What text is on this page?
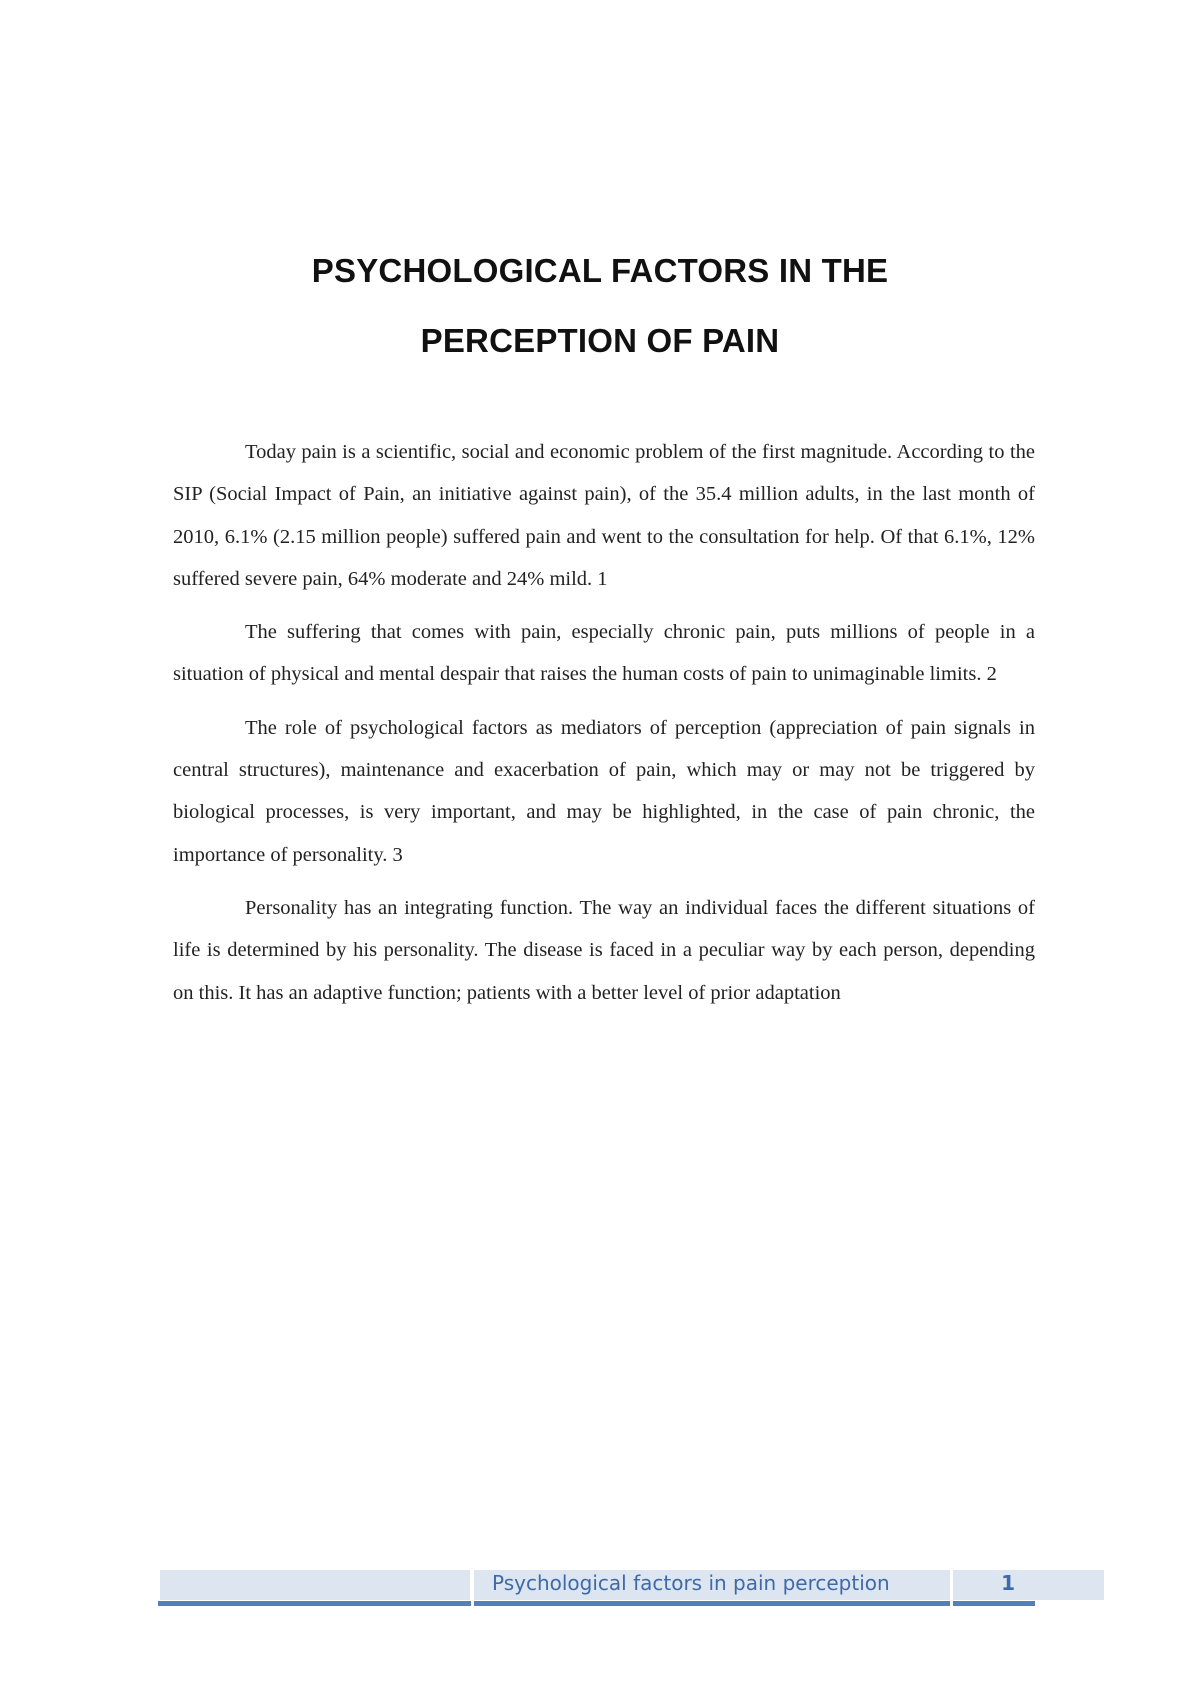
PSYCHOLOGICAL FACTORS IN THE
PERCEPTION OF PAIN

Today pain is a scientific, social and economic problem of the first magnitude. According to the SIP (Social Impact of Pain, an initiative against pain), of the 35.4 million adults, in the last month of 2010, 6.1% (2.15 million people) suffered pain and went to the consultation for help. Of that 6.1%, 12% suffered severe pain, 64% moderate and 24% mild. 1

The suffering that comes with pain, especially chronic pain, puts millions of people in a situation of physical and mental despair that raises the human costs of pain to unimaginable limits. 2

The role of psychological factors as mediators of perception (appreciation of pain signals in central structures), maintenance and exacerbation of pain, which may or may not be triggered by biological processes, is very important, and may be highlighted, in the case of pain chronic, the importance of personality. 3

Personality has an integrating function. The way an individual faces the different situations of life is determined by his personality. The disease is faced in a peculiar way by each person, depending on this. It has an adaptive function; patients with a better level of prior adaptation

Psychological factors in pain perception	1
